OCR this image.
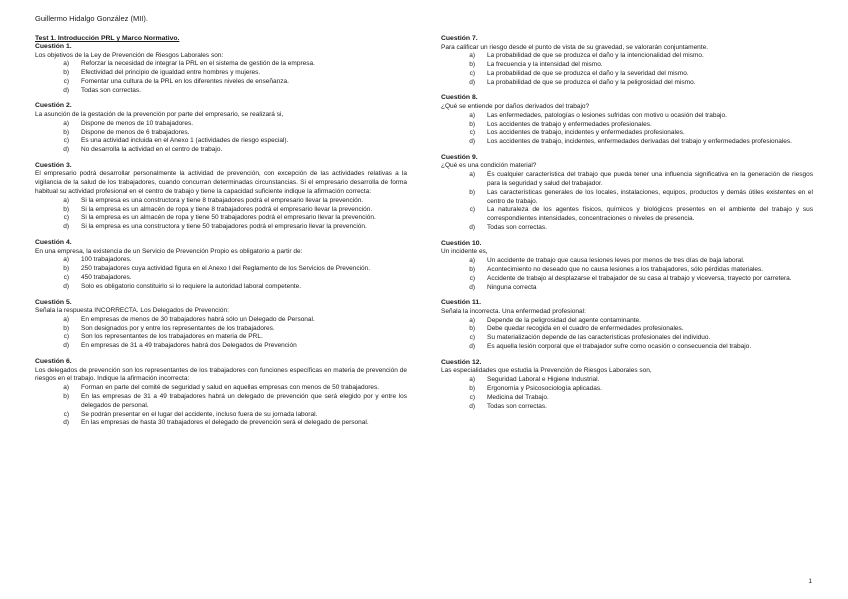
Guillermo Hidalgo González (MII).
Test 1. Introducción PRL y Marco Normativo.
Cuestión 1.
Los objetivos de la Ley de Prevención de Riesgos Laborales son:
a)	Reforzar la necesidad de integrar la PRL en el sistema de gestión de la empresa.
b)	Efectividad del principio de igualdad entre hombres y mujeres.
c)	Fomentar una cultura de la PRL en los diferentes niveles de enseñanza.
d)	Todas son correctas.
Cuestión 2.
La asunción de la gestación de la prevención por parte del empresario, se realizará si,
a)	Dispone de menos de 10 trabajadores.
b)	Dispone de menos de 6 trabajadores.
c)	Es una actividad incluida en el Anexo 1 (actividades de riesgo especial).
d)	No desarrolla la actividad en el centro de trabajo.
Cuestión 3.
El empresario podrá desarrollar personalmente la actividad de prevención, con excepción de las actividades relativas a la vigilancia de la salud de los trabajadores, cuando concurran determinadas circunstancias. Si el empresario desarrolla de forma habitual su actividad profesional en el centro de trabajo y tiene la capacidad suficiente indique la afirmación correcta:
a)	Si la empresa es una constructora y tiene 8 trabajadores podrá el empresario llevar la prevención.
b)	Si la empresa es un almacén de ropa y tiene 8 trabajadores podrá el empresario llevar la prevención.
c)	Si la empresa es un almacén de ropa y tiene 50 trabajadores podrá el empresario llevar la prevención.
d)	Si la empresa es una constructora y tiene 50 trabajadores podrá el empresario llevar la prevención.
Cuestión 4.
En una empresa, la existencia de un Servicio de Prevención Propio es obligatorio a partir de:
a)	100 trabajadores.
b)	250 trabajadores cuya actividad figura en el Anexo I del Reglamento de los Servicios de Prevención.
c)	450 trabajadores.
d)	Solo es obligatorio constituirlo si lo requiere la autoridad laboral competente.
Cuestión 5.
Señala la respuesta INCORRECTA. Los Delegados de Prevención:
a)	En empresas de menos de 30 trabajadores habrá sólo un Delegado de Personal.
b)	Son designados por y entre los representantes de los trabajadores.
c)	Son los representantes de los trabajadores en materia de PRL.
d)	En empresas de 31 a 49 trabajadores habrá dos Delegados de Prevención
Cuestión 6.
Los delegados de prevención son los representantes de los trabajadores con funciones específicas en materia de prevención de riesgos en el trabajo. Indique la afirmación incorrecta:
a)	Forman en parte del comité de seguridad y salud en aquellas empresas con menos de 50 trabajadores.
b)	En las empresas de 31 a 49 trabajadores habrá un delegado de prevención que será elegido por y entre los delegados de personal.
c)	Se podrán presentar en el lugar del accidente, incluso fuera de su jornada laboral.
d)	En las empresas de hasta 30 trabajadores el delegado de prevención será el delegado de personal.
Cuestión 7.
Para calificar un riesgo desde el punto de vista de su gravedad, se valorarán conjuntamente.
a)	La probabilidad de que se produzca el daño y la intencionalidad del mismo.
b)	La frecuencia y la intensidad del mismo.
c)	La probabilidad de que se produzca el daño y la severidad del mismo.
d)	La probabilidad de que se produzca el daño y la peligrosidad del mismo.
Cuestión 8.
¿Qué se entiende por daños derivados del trabajo?
a)	Las enfermedades, patologías o lesiones sufridas con motivo u ocasión del trabajo.
b)	Los accidentes de trabajo y enfermedades profesionales.
c)	Los accidentes de trabajo, incidentes y enfermedades profesionales.
d)	Los accidentes de trabajo, incidentes, enfermedades derivadas del trabajo y enfermedades profesionales.
Cuestión 9.
¿Qué es una condición material?
a)	Es cualquier característica del trabajo que pueda tener una influencia significativa en la generación de riesgos para la seguridad y salud del trabajador.
b)	Las características generales de los locales, instalaciones, equipos, productos y demás útiles existentes en el centro de trabajo.
c)	La naturaleza de los agentes físicos, químicos y biológicos presentes en el ambiente del trabajo y sus correspondientes intensidades, concentraciones o niveles de presencia.
d)	Todas son correctas.
Cuestión 10.
Un incidente es,
a)	Un accidente de trabajo que causa lesiones leves por menos de tres días de baja laboral.
b)	Acontecimiento no deseado que no causa lesiones a los trabajadores, sólo pérdidas materiales.
c)	Accidente de trabajo al desplazarse el trabajador de su casa al trabajo y viceversa, trayecto por carretera.
d)	Ninguna correcta
Cuestión 11.
Señala la incorrecta. Una enfermedad profesional:
a)	Depende de la peligrosidad del agente contaminante.
b)	Debe quedar recogida en el cuadro de enfermedades profesionales.
c)	Su materialización depende de las características profesionales del individuo.
d)	Es aquella lesión corporal que el trabajador sufre como ocasión o consecuencia del trabajo.
Cuestión 12.
Las especialidades que estudia la Prevención de Riesgos Laborales son,
a)	Seguridad Laboral e Higiene Industrial.
b)	Ergonomía y Psicosociología aplicadas.
c)	Medicina del Trabajo.
d)	Todas son correctas.
1
